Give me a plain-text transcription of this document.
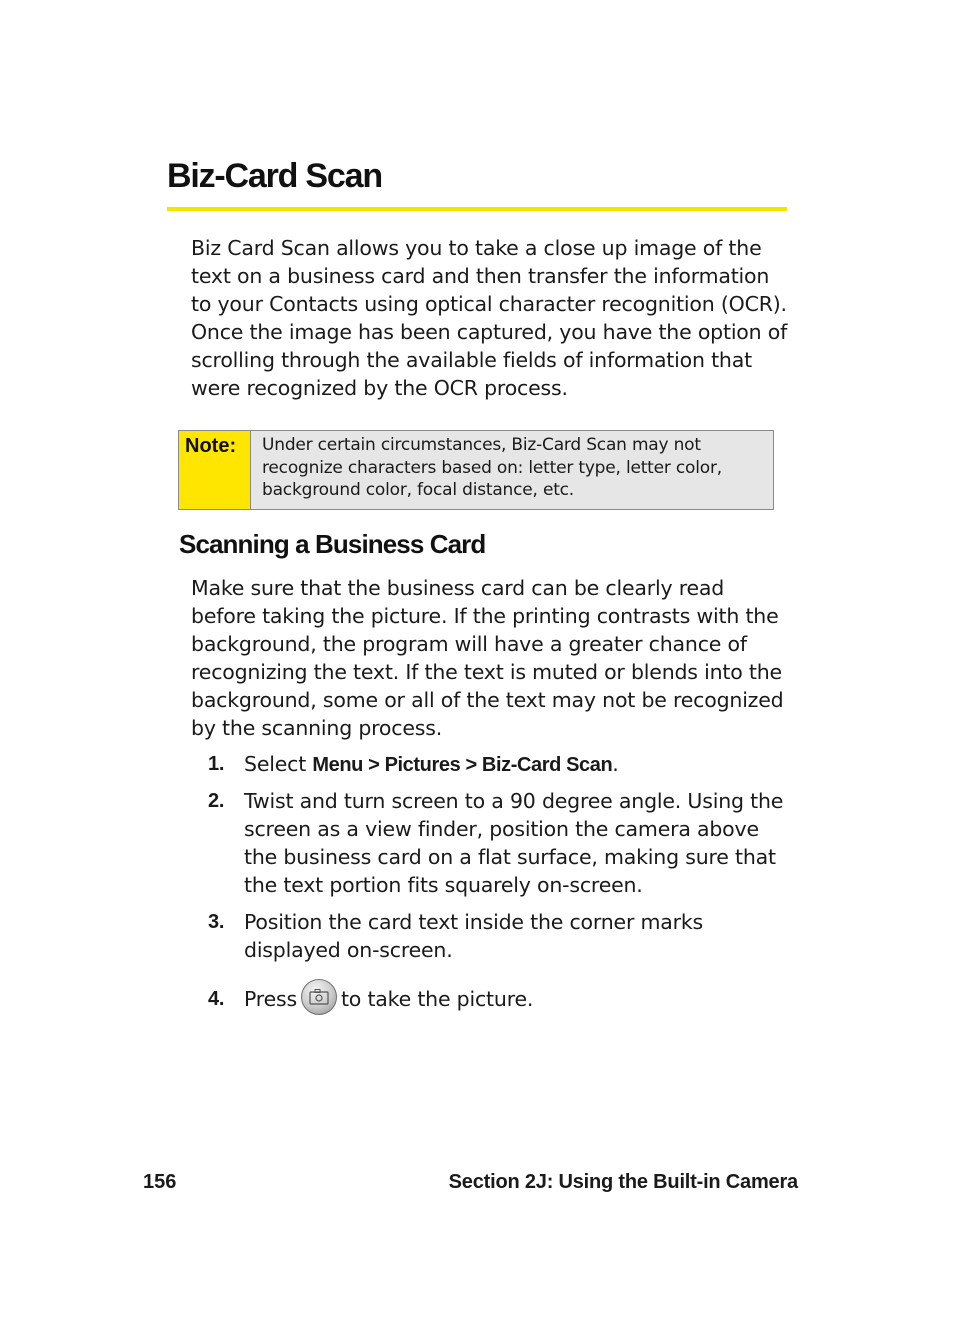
Biz-Card Scan

Biz Card Scan allows you to take a close up image of the text on a business card and then transfer the information to your Contacts using optical character recognition (OCR). Once the image has been captured, you have the option of scrolling through the available fields of information that were recognized by the OCR process.

Note:	Under certain circumstances, Biz-Card Scan may not recognize characters based on: letter type, letter color, background color, focal distance, etc.
Scanning a Business Card

Make sure that the business card can be clearly read before taking the picture. If the printing contrasts with the background, the program will have a greater chance of recognizing the text. If the text is muted or blends into the background, some or all of the text may not be recognized by the scanning process.

1. Select Menu > Pictures > Biz-Card Scan.
2. Twist and turn screen to a 90 degree angle. Using the screen as a view finder, position the camera above the business card on a flat surface, making sure that the text portion fits squarely on-screen.
3. Position the card text inside the corner marks displayed on-screen.
4. Press to take the picture.
156	Section 2J: Using the Built-in Camera
